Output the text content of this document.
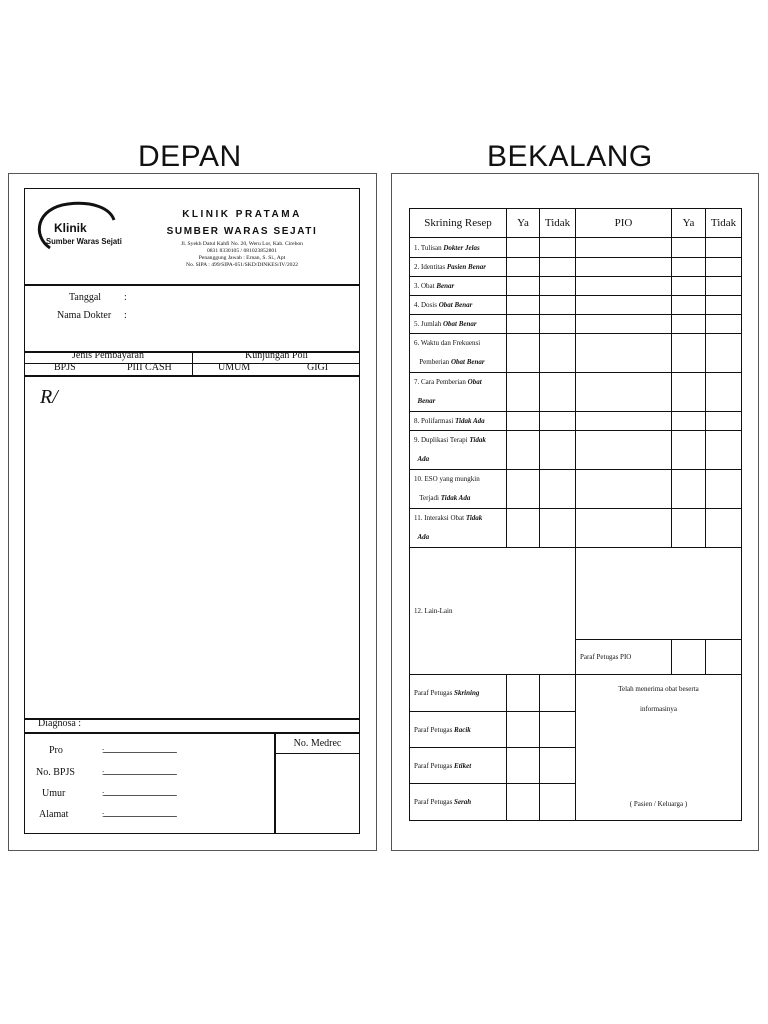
DEPAN	BEKALANG
Klinik
Sumber Waras Sejati
KLINIK PRATAMA
SUMBER WARAS SEJATI
Jl. Syekh Datul Kahfi No. 20, Weru Lor, Kab. Cirebon
0831 8330105 / 081023852801
Penanggung Jawab : Ernan, S. Si., Apt
No. SIPA : 499/SIPA-051/SKD/DINKES/IV/2022
Tanggal :
Nama Dokter :
Jenis Pembayaran	Kunjungan Poli
BPJS	PIII CASH	UMUM	GIGI
R/
Diagnosa :
No. Medrec
Pro	:.........................................................................
No. BPJS	:.........................................................................
Umur	:.........................................................................
Alamat	:.........................................................................
Skrining Resep	Ya	Tidak	PIO	Ya	Tidak
1. Tulisan Dokter Jelas					
2. Identitas Pasien Benar					
3. Obat Benar					
4. Dosis Obat Benar					
5. Jumlah Obat Benar					
6. Waktu dan Frekuensi
Pemberian Obat Benar					
7. Cara Pemberian Obat
Benar					
8. Polifarmasi Tidak Ada					
9. Duplikasi Terapi Tidak
Ada					
10. ESO yang mungkin
Terjadi Tidak Ada					
11. Interaksi Obat Tidak
Ada					
12. Lain-Lain					
			Paraf Petugas PIO		
Paraf Petugas Skrining			Telah menerima obat beserta
informasinya
( Pasien / Keluarga )		

Paraf Petugas Racik					
Paraf Petugas Etiket					
Paraf Petugas Serah					
